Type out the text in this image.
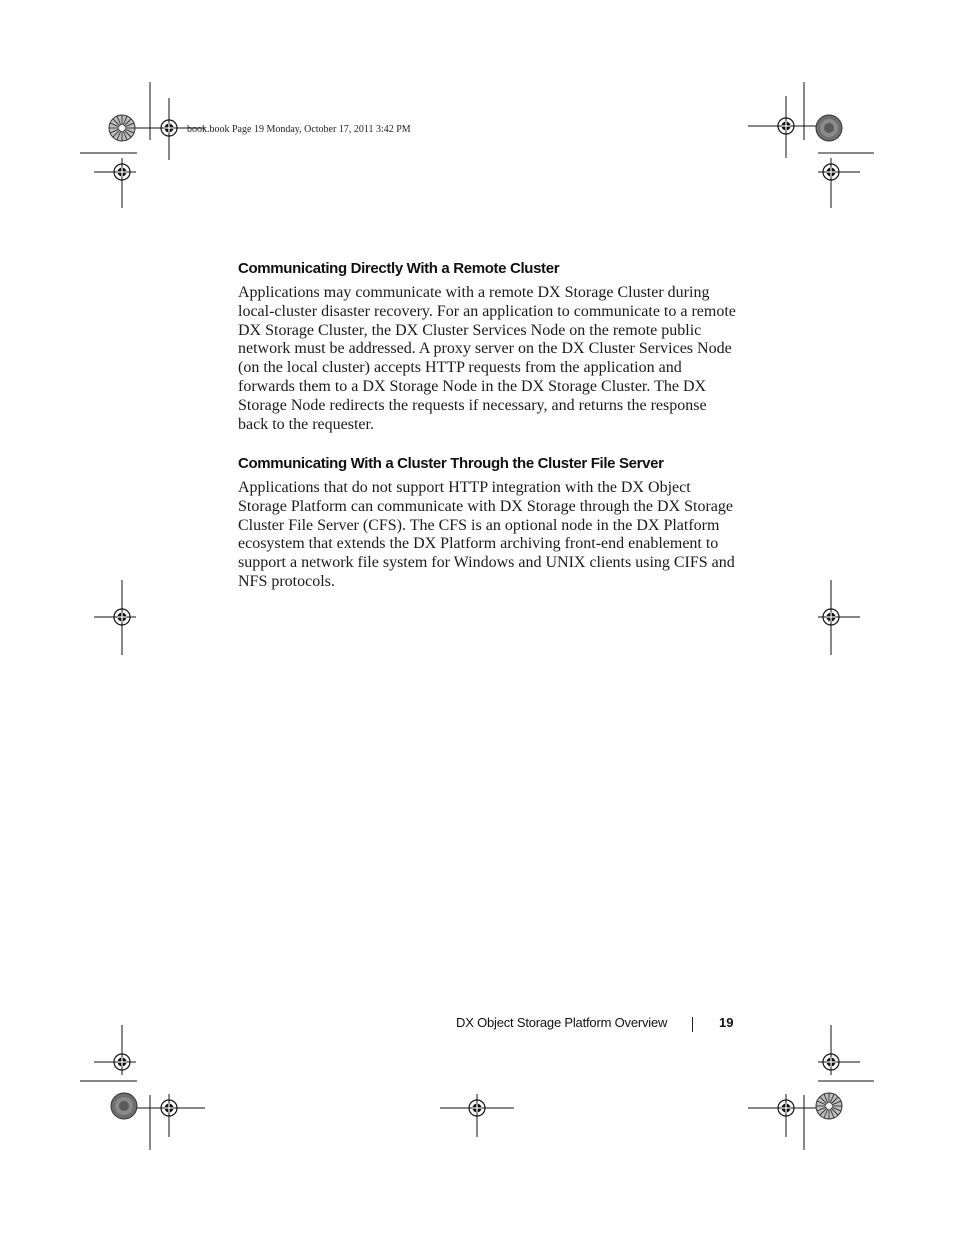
book.book Page 19 Monday, October 17, 2011 3:42 PM
Communicating Directly With a Remote Cluster

Applications may communicate with a remote DX Storage Cluster during
local-cluster disaster recovery. For an application to communicate to a remote
DX Storage Cluster, the DX Cluster Services Node on the remote public
network must be addressed. A proxy server on the DX Cluster Services Node
(on the local cluster) accepts HTTP requests from the application and
forwards them to a DX Storage Node in the DX Storage Cluster. The DX
Storage Node redirects the requests if necessary, and returns the response
back to the requester.

Communicating With a Cluster Through the Cluster File Server

Applications that do not support HTTP integration with the DX Object
Storage Platform can communicate with DX Storage through the DX Storage
Cluster File Server (CFS). The CFS is an optional node in the DX Platform
ecosystem that extends the DX Platform archiving front-end enablement to
support a network file system for Windows and UNIX clients using CIFS and
NFS protocols.

DX Object Storage Platform Overview	19
